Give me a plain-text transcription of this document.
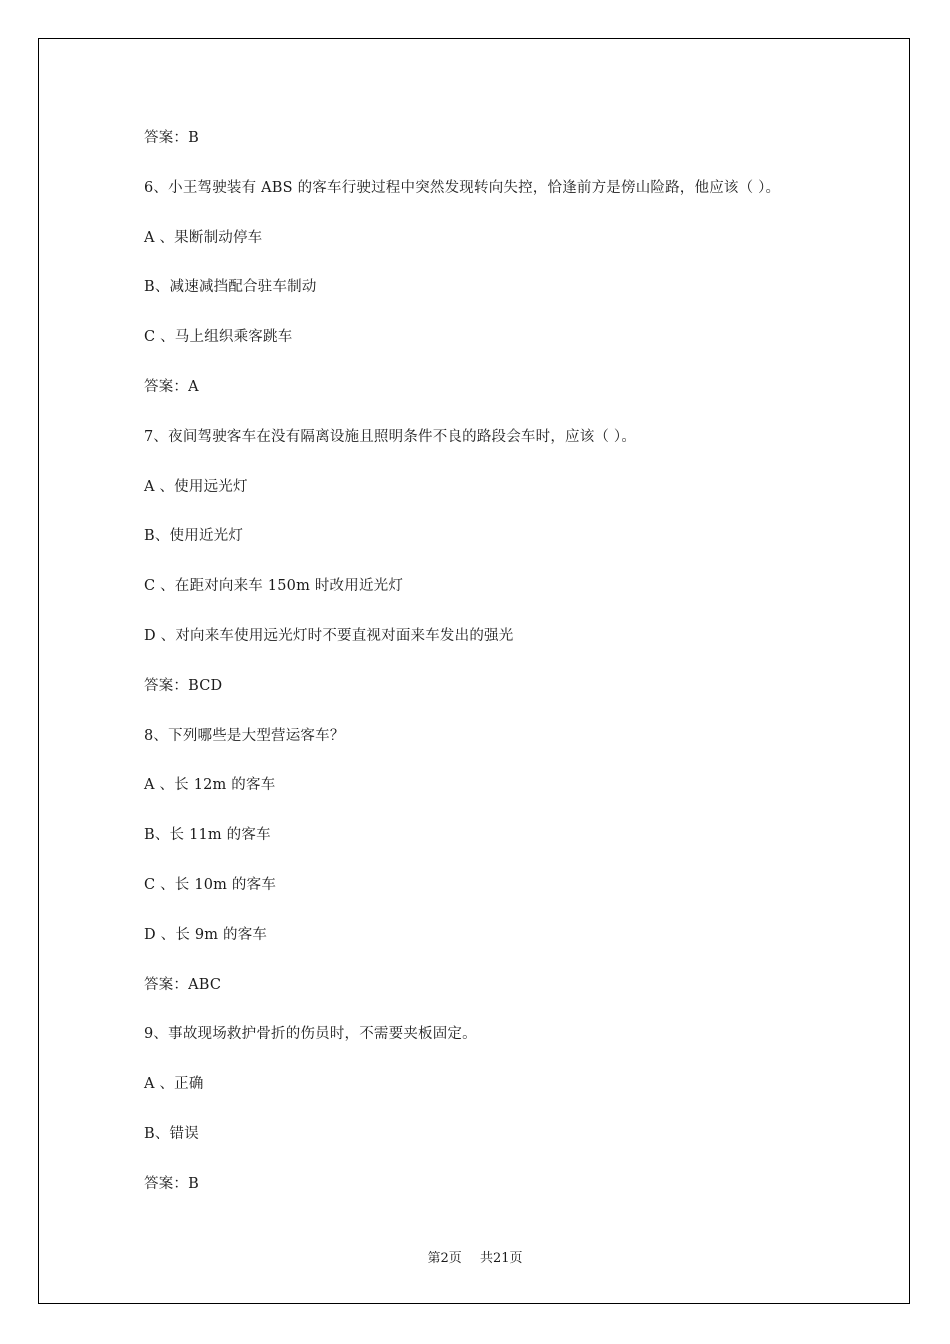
答案：B
6、小王驾驶装有 ABS 的客车行驶过程中突然发现转向失控，恰逢前方是傍山险路，他应该（ ）。
A 、果断制动停车
B、减速减挡配合驻车制动
C 、马上组织乘客跳车
答案：A
7、夜间驾驶客车在没有隔离设施且照明条件不良的路段会车时，应该（ ）。
A 、使用远光灯
B、使用近光灯
C 、在距对向来车 150m 时改用近光灯
D 、对向来车使用远光灯时不要直视对面来车发出的强光
答案：BCD
8、下列哪些是大型营运客车？
A 、长 12m 的客车
B、长 11m 的客车
C 、长 10m 的客车
D 、长 9m 的客车
答案：ABC
9、事故现场救护骨折的伤员时，不需要夹板固定。
A 、正确
B、错误
答案：B
第2页 共21页
